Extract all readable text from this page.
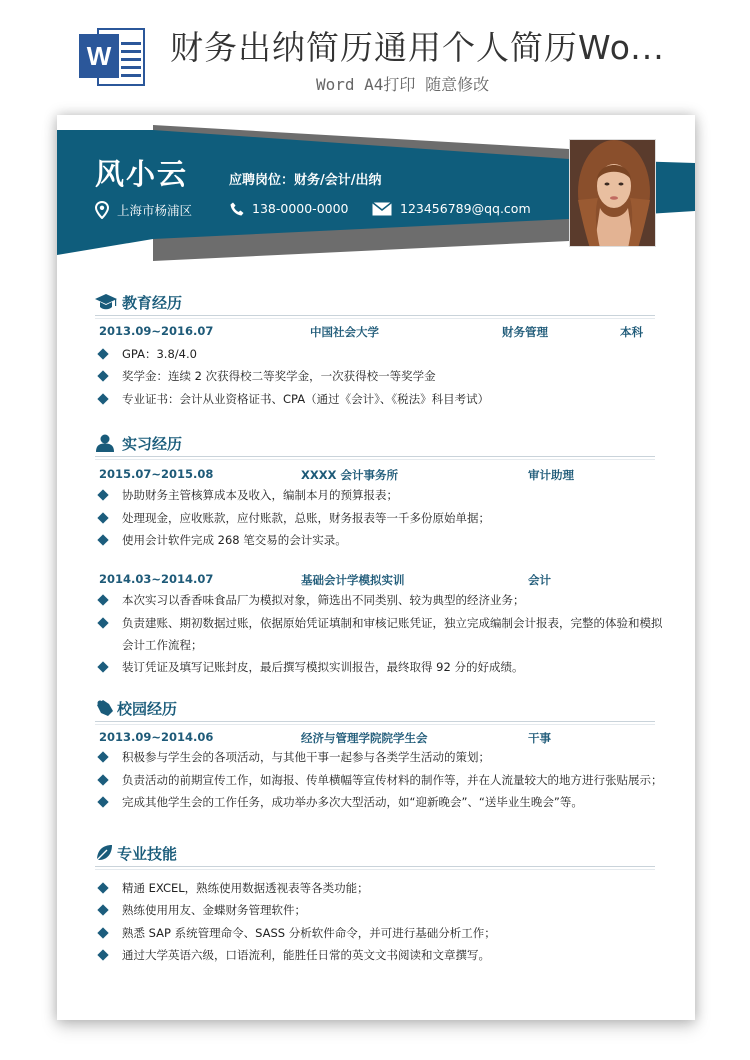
W 财务出纳简历通用个人简历Wo...
Word A4打印 随意修改
风小云	应聘岗位：财务/会计/出纳
上海市杨浦区	138-0000-0000	123456789@qq.com
教育经历
2013.09~2016.07	中国社会大学	财务管理	本科
GPA：3.8/4.0
奖学金：连续 2 次获得校二等奖学金，一次获得校一等奖学金
专业证书：会计从业资格证书、CPA（通过《会计》、《税法》科目考试）
实习经历
2015.07~2015.08	XXXX 会计事务所	审计助理
协助财务主管核算成本及收入，编制本月的预算报表；
处理现金，应收账款，应付账款，总账，财务报表等一千多份原始单据；
使用会计软件完成 268 笔交易的会计实录。
2014.03~2014.07	基础会计学模拟实训	会计
本次实习以香香味食品厂为模拟对象，筛选出不同类别、较为典型的经济业务；
负责建账、期初数据过账，依据原始凭证填制和审核记账凭证，独立完成编制会计报表，完整的体验和模拟
会计工作流程；
装订凭证及填写记账封皮，最后撰写模拟实训报告，最终取得 92 分的好成绩。
校园经历
2013.09~2014.06	经济与管理学院院学生会	干事
积极参与学生会的各项活动，与其他干事一起参与各类学生活动的策划；
负责活动的前期宣传工作，如海报、传单横幅等宣传材料的制作等，并在人流量较大的地方进行张贴展示；
完成其他学生会的工作任务，成功举办多次大型活动，如“迎新晚会”、“送毕业生晚会”等。
专业技能
精通 EXCEL，熟练使用数据透视表等各类功能；
熟练使用用友、金蝶财务管理软件；
熟悉 SAP 系统管理命令、SASS 分析软件命令，并可进行基础分析工作；
通过大学英语六级，口语流利，能胜任日常的英文文书阅读和文章撰写。
